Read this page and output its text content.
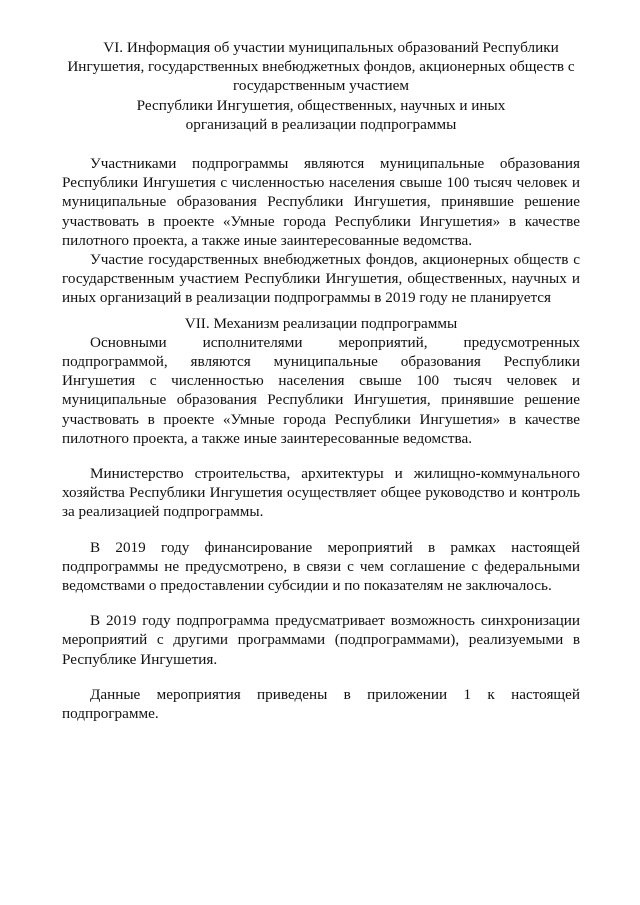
VI. Информация об участии муниципальных образований Республики
Ингушетия, государственных внебюджетных фондов, акционерных обществ с
государственным участием
Республики Ингушетия, общественных, научных и иных
организаций в реализации подпрограммы

Участниками подпрограммы являются муниципальные образования Республики Ингушетия с численностью населения свыше 100 тысяч человек и муниципальные образования Республики Ингушетия, принявшие решение участвовать в проекте «Умные города Республики Ингушетия» в качестве пилотного проекта, а также иные заинтересованные ведомства.

Участие государственных внебюджетных фондов, акционерных обществ с государственным участием Республики Ингушетия, общественных, научных и иных организаций в реализации подпрограммы в 2019 году не планируется

VII. Механизм реализации подпрограммы

Основными исполнителями мероприятий, предусмотренных подпрограммой, являются муниципальные образования Республики Ингушетия с численностью населения свыше 100 тысяч человек и муниципальные образования Республики Ингушетия, принявшие решение участвовать в проекте «Умные города Республики Ингушетия» в качестве пилотного проекта, а также иные заинтересованные ведомства.

Министерство строительства, архитектуры и жилищно-коммунального хозяйства Республики Ингушетия осуществляет общее руководство и контроль за реализацией подпрограммы.

В 2019 году финансирование мероприятий в рамках настоящей подпрограммы не предусмотрено, в связи с чем соглашение с федеральными ведомствами о предоставлении субсидии и по показателям не заключалось.

В 2019 году подпрограмма предусматривает возможность синхронизации мероприятий с другими программами (подпрограммами), реализуемыми в Республике Ингушетия.

Данные мероприятия приведены в приложении 1 к настоящей подпрограмме.
